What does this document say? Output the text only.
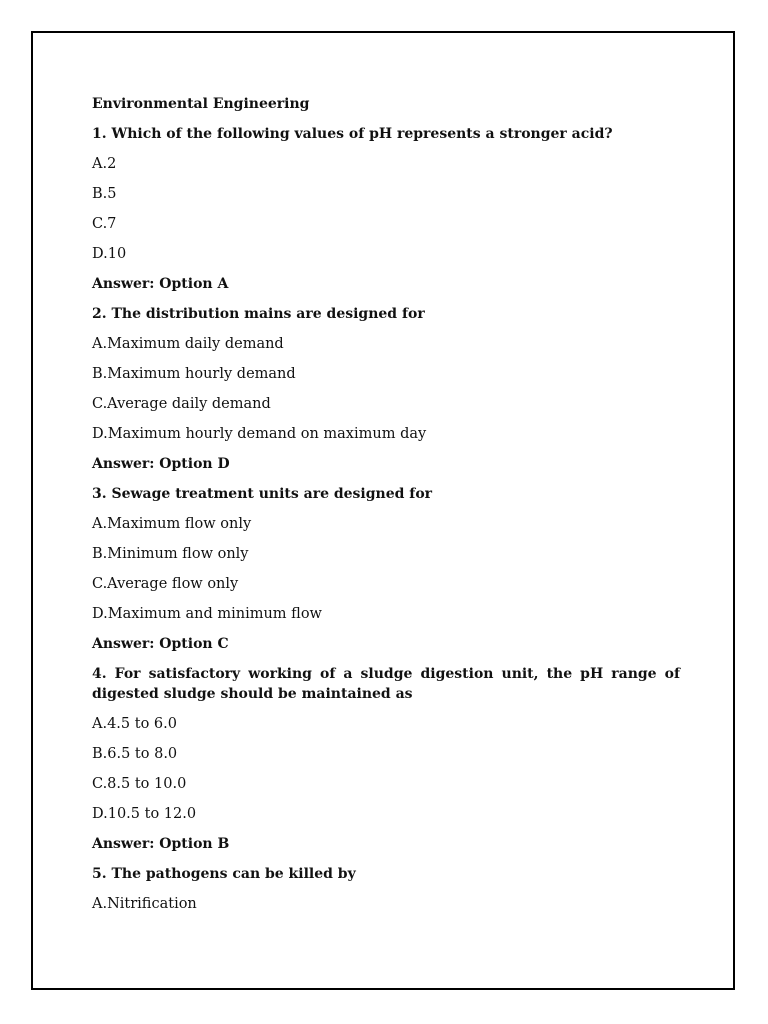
Environmental Engineering
1. Which of the following values of pH represents a stronger acid?
A.2
B.5
C.7
D.10
Answer: Option A
2. The distribution mains are designed for
A.Maximum daily demand
B.Maximum hourly demand
C.Average daily demand
D.Maximum hourly demand on maximum day
Answer: Option D
3. Sewage treatment units are designed for
A.Maximum flow only
B.Minimum flow only
C.Average flow only
D.Maximum and minimum flow
Answer: Option C
4. For satisfactory working of a sludge digestion unit, the pH range of digested sludge should be maintained as
A.4.5 to 6.0
B.6.5 to 8.0
C.8.5 to 10.0
D.10.5 to 12.0
Answer: Option B
5. The pathogens can be killed by
A.Nitrification
